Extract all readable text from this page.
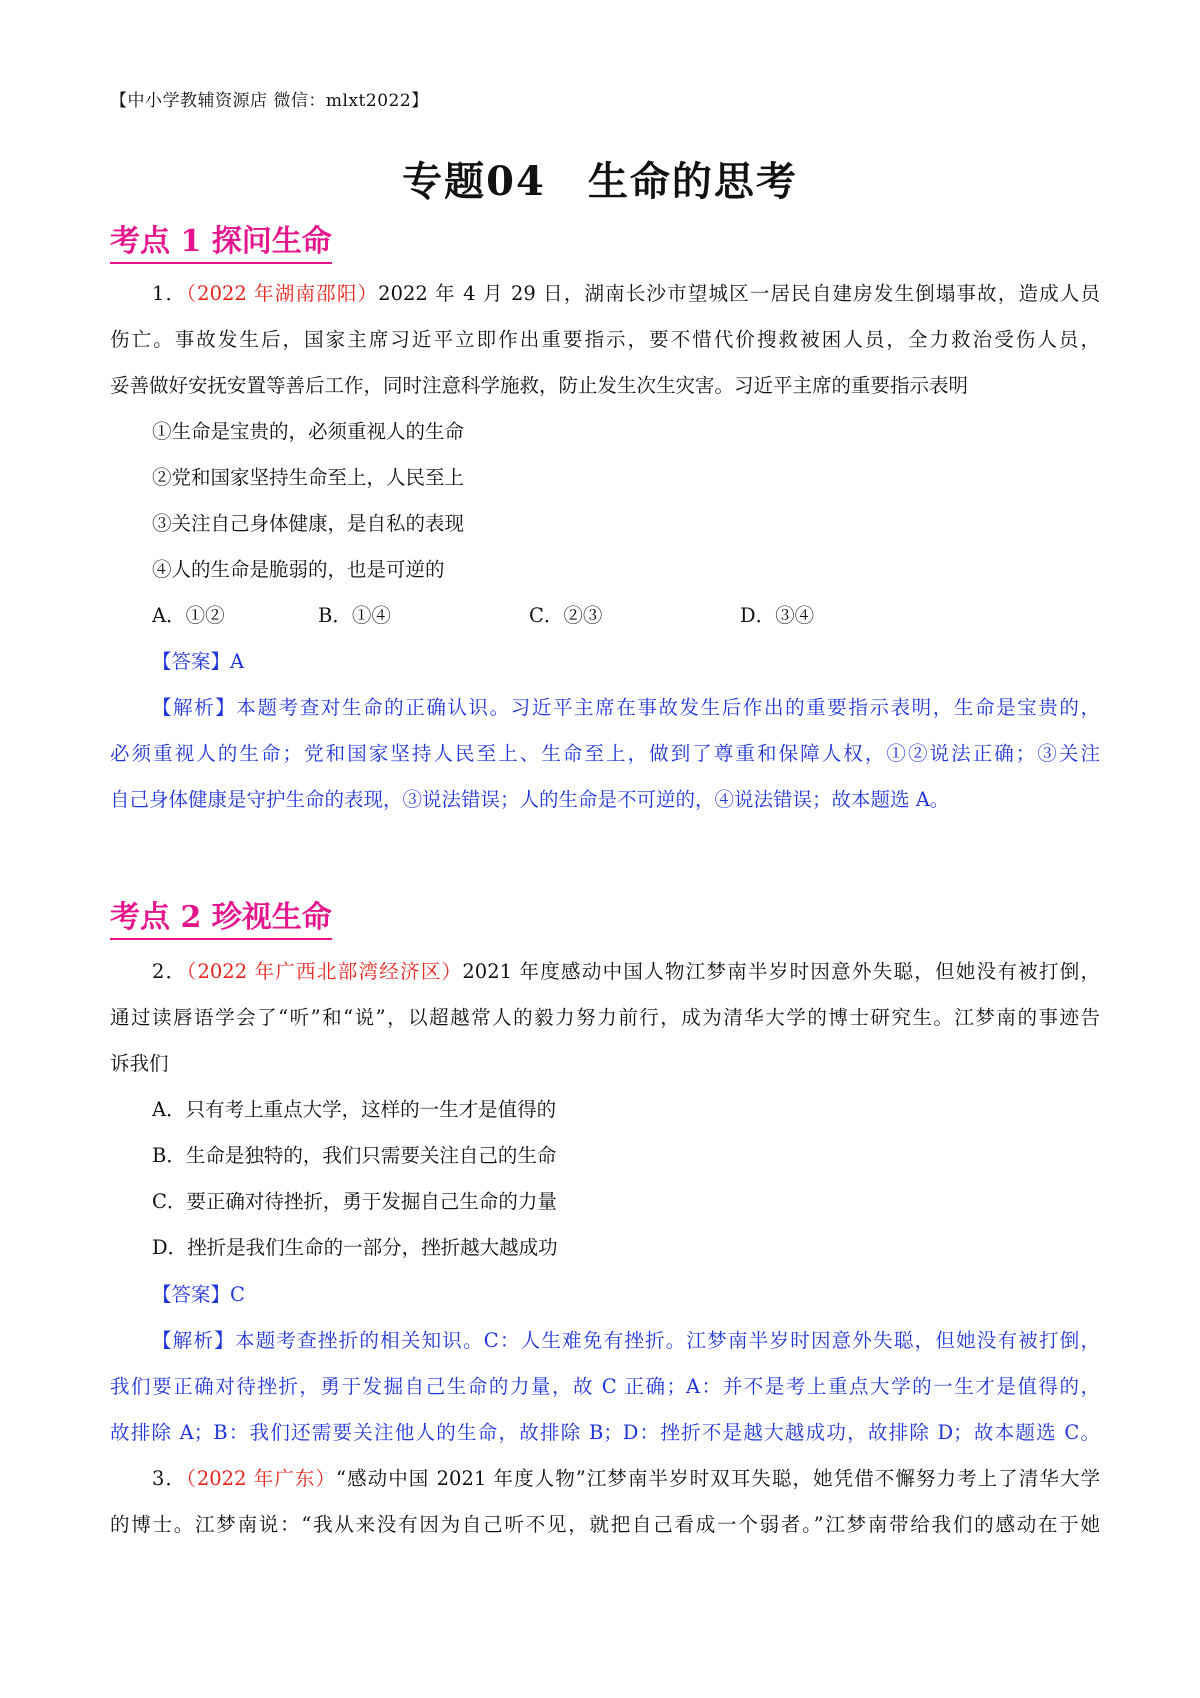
【中小学教辅资源店 微信：mlxt2022】
专题04　生命的思考
考点 1 探问生命
1．（2022 年湖南邵阳）2022 年 4 月 29 日，湖南长沙市望城区一居民自建房发生倒塌事故，造成人员
伤亡。事故发生后，国家主席习近平立即作出重要指示，要不惜代价搜救被困人员，全力救治受伤人员，
妥善做好安抚安置等善后工作，同时注意科学施救，防止发生次生灾害。习近平主席的重要指示表明
①生命是宝贵的，必须重视人的生命
②党和国家坚持生命至上，人民至上
③关注自己身体健康，是自私的表现
④人的生命是脆弱的，也是可逆的
A．①②	B．①④	C．②③	D．③④
【答案】A
【解析】本题考查对生命的正确认识。习近平主席在事故发生后作出的重要指示表明，生命是宝贵的，
必须重视人的生命；党和国家坚持人民至上、生命至上，做到了尊重和保障人权，①②说法正确；③关注
自己身体健康是守护生命的表现，③说法错误；人的生命是不可逆的，④说法错误；故本题选 A。
考点 2 珍视生命
2．（2022 年广西北部湾经济区）2021 年度感动中国人物江梦南半岁时因意外失聪，但她没有被打倒，
通过读唇语学会了“听”和“说”，以超越常人的毅力努力前行，成为清华大学的博士研究生。江梦南的事迹告
诉我们
A．只有考上重点大学，这样的一生才是值得的
B．生命是独特的，我们只需要关注自己的生命
C．要正确对待挫折，勇于发掘自己生命的力量
D．挫折是我们生命的一部分，挫折越大越成功
【答案】C
【解析】本题考查挫折的相关知识。C：人生难免有挫折。江梦南半岁时因意外失聪，但她没有被打倒，
我们要正确对待挫折，勇于发掘自己生命的力量，故 C 正确；A：并不是考上重点大学的一生才是值得的，
故排除 A；B：我们还需要关注他人的生命，故排除 B；D：挫折不是越大越成功，故排除 D；故本题选 C。
3．（2022 年广东）“感动中国 2021 年度人物”江梦南半岁时双耳失聪，她凭借不懈努力考上了清华大学
的博士。江梦南说：“我从来没有因为自己听不见，就把自己看成一个弱者。”江梦南带给我们的感动在于她
